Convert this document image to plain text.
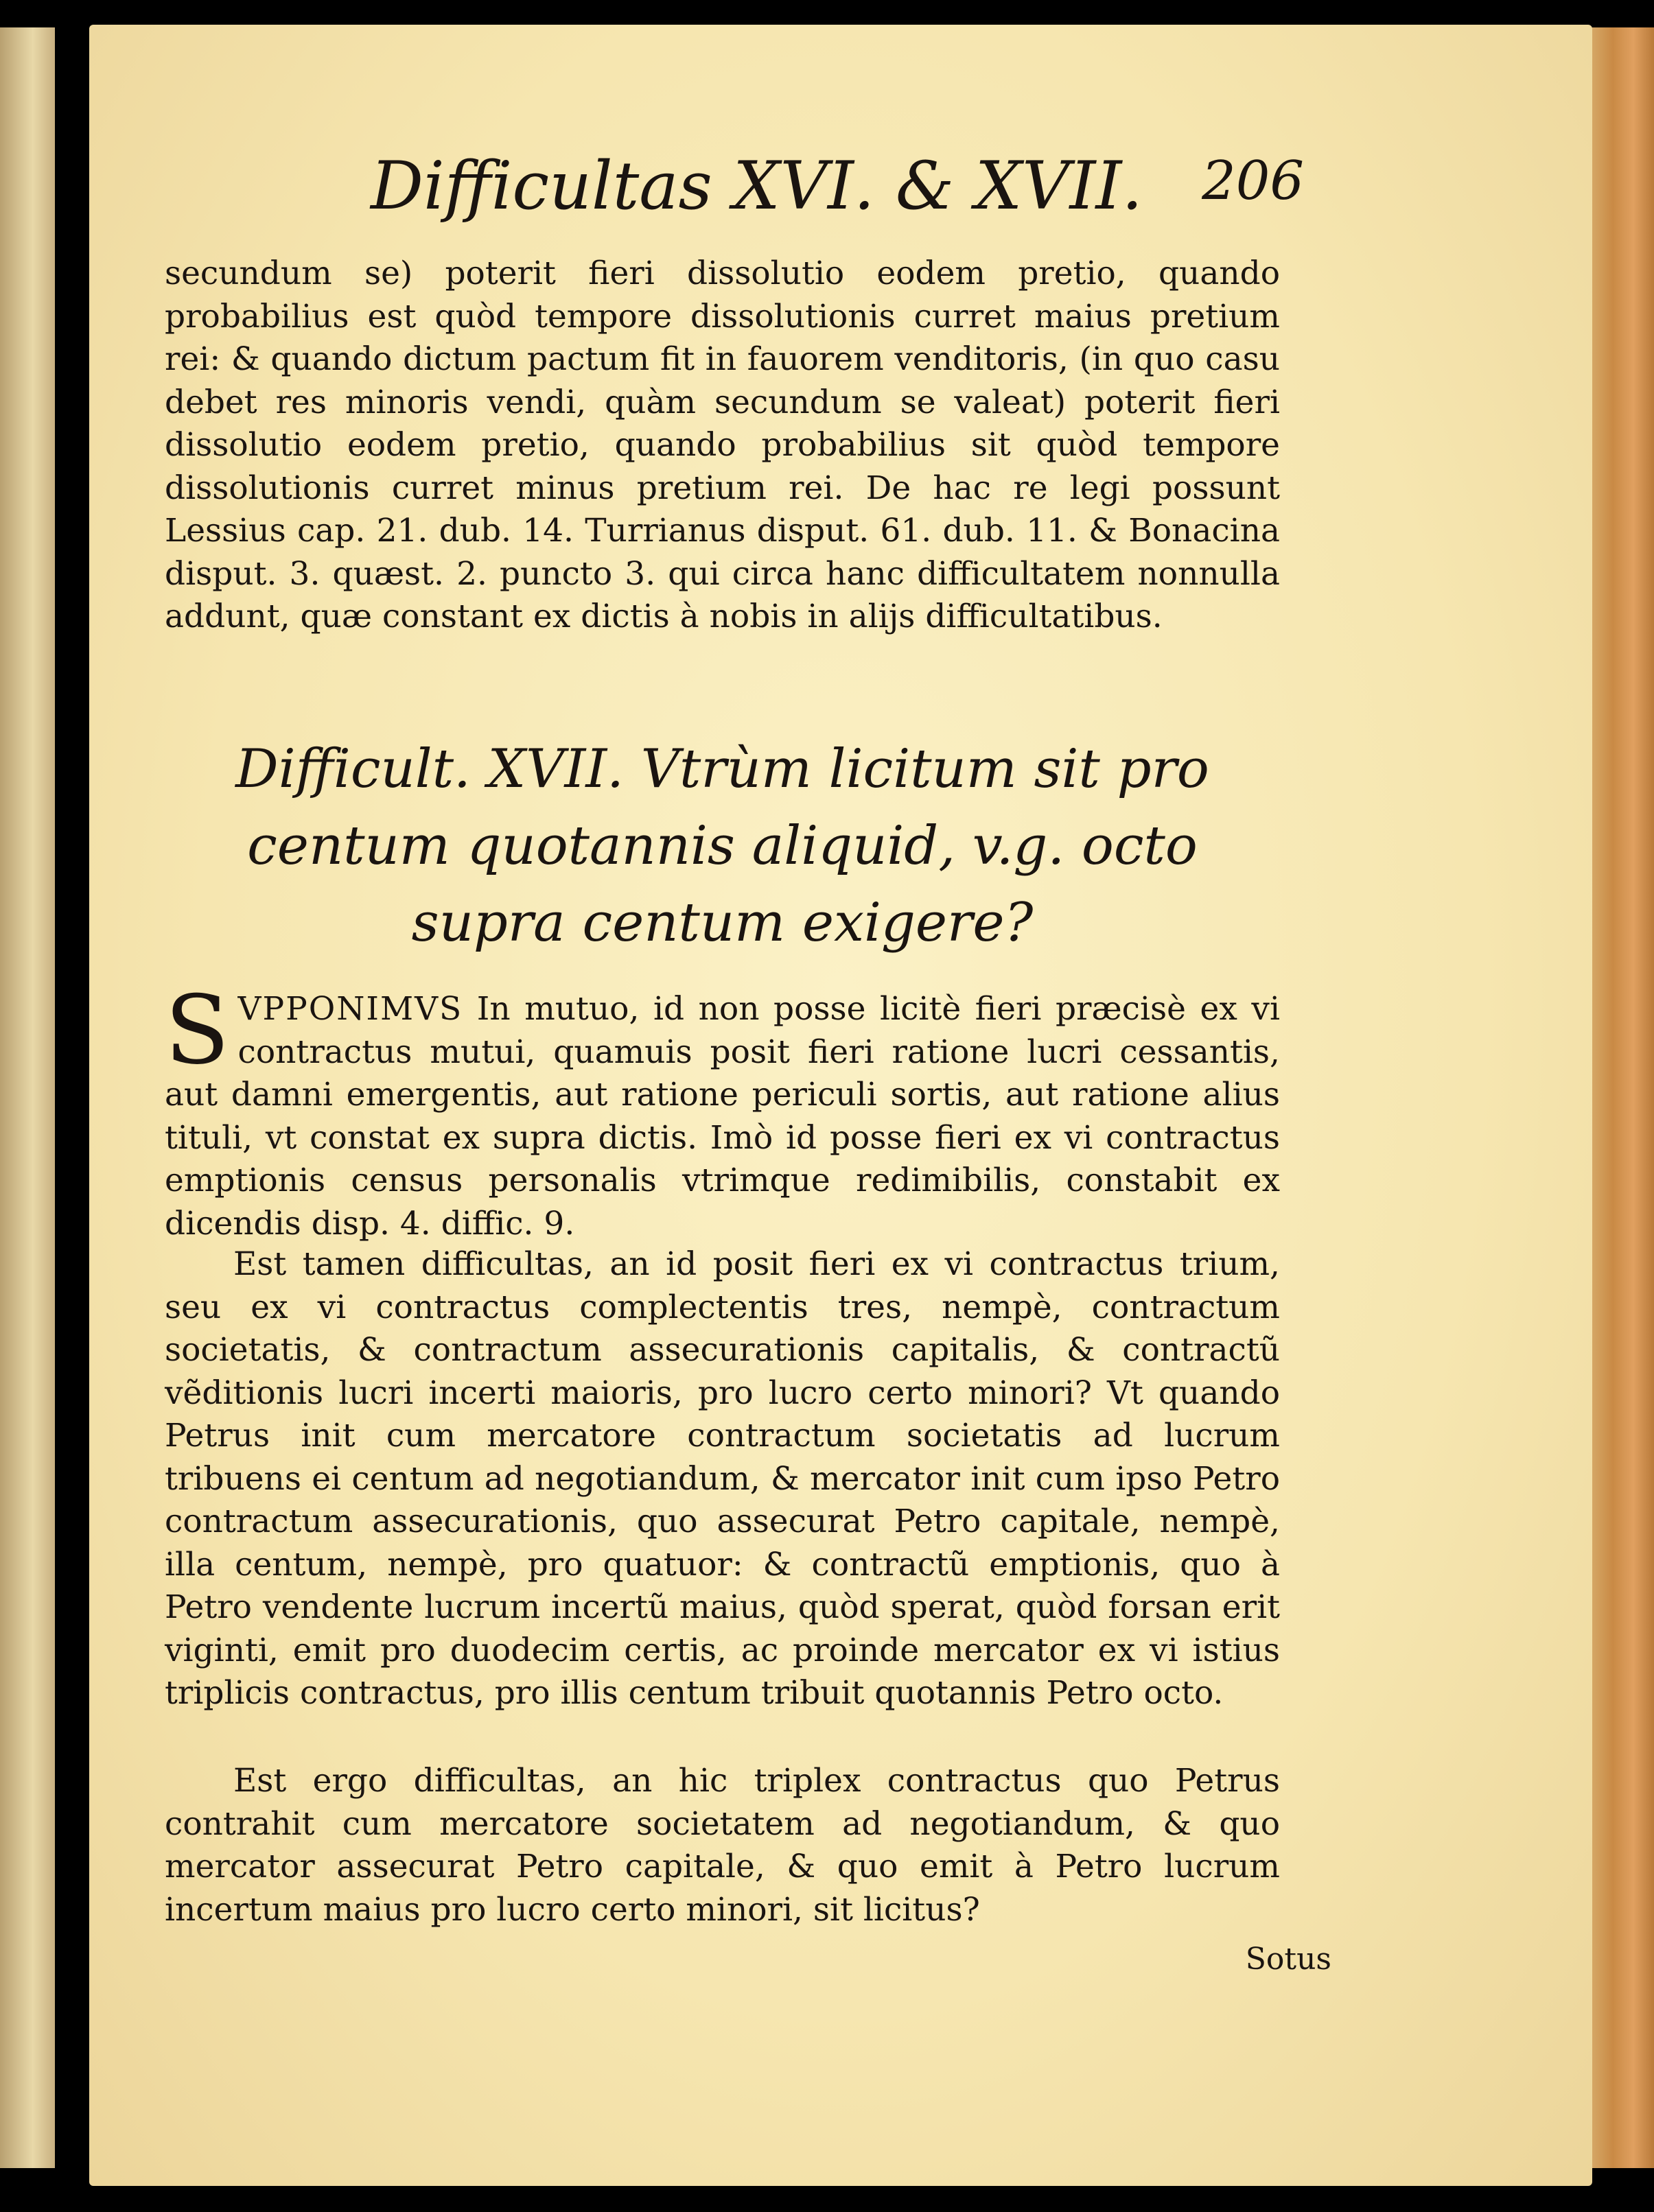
Difficultas XVI. & XVII. 206
secundum se) poterit fieri dissolutio eodem pretio, quando probabilius est quòd tempore dissolutionis curret maius pretium rei: & quando dictum pactum fit in fauorem venditoris, (in quo casu debet res minoris vendi, quàm secundum se valeat) poterit fieri dissolutio eodem pretio, quando probabilius sit quòd tempore dissolutionis curret minus pretium rei. De hac re legi possunt Lessius cap. 21. dub. 14. Turrianus disput. 61. dub. 11. & Bonacina disput. 3. quæst. 2. puncto 3. qui circa hanc difficultatem nonnulla addunt, quæ constant ex dictis à nobis in alijs difficultatibus.
Difficult. XVII. Vtrùm licitum sit pro centum quotannis aliquid, v.g. octo supra centum exigere?
SVPPONIMVS In mutuo, id non posse licitè fieri præcisè ex vi contractus mutui, quamuis posit fieri ratione lucri cessantis, aut damni emergentis, aut ratione periculi sortis, aut ratione alius tituli, vt constat ex supra dictis. Imò id posse fieri ex vi contractus emptionis census personalis vtrimque redimibilis, constabit ex dicendis disp. 4. diffic. 9.
Est tamen difficultas, an id posit fieri ex vi contractus trium, seu ex vi contractus complectentis tres, nempè, contractum societatis, & contractum assecurationis capitalis, & contractũ vẽditionis lucri incerti maioris, pro lucro certo minori? Vt quando Petrus init cum mercatore contractum societatis ad lucrum tribuens ei centum ad negotiandum, & mercator init cum ipso Petro contractum assecurationis, quo assecurat Petro capitale, nempè, illa centum, nempè, pro quatuor: & contractũ emptionis, quo à Petro vendente lucrum incertũ maius, quòd sperat, quòd forsan erit viginti, emit pro duodecim certis, ac proinde mercator ex vi istius triplicis contractus, pro illis centum tribuit quotannis Petro octo.
Est ergo difficultas, an hic triplex contractus quo Petrus contrahit cum mercatore societatem ad negotiandum, & quo mercator assecurat Petro capitale, & quo emit à Petro lucrum incertum maius pro lucro certo minori, sit licitus?
Sotus
